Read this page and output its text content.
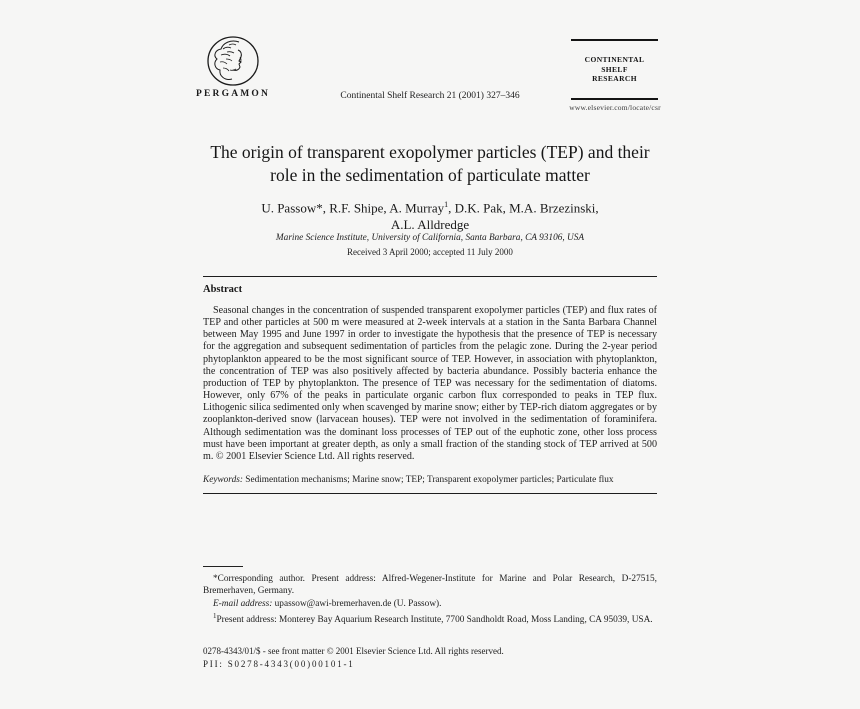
PERGAMON	Continental Shelf Research 21 (2001) 327–346
CONTINENTAL SHELF
RESEARCH
www.elsevier.com/locate/csr
The origin of transparent exopolymer particles (TEP) and their
role in the sedimentation of particulate matter
U. Passow*, R.F. Shipe, A. Murray$^1$, D.K. Pak, M.A. Brzezinski,
A.L. Alldredge
Marine Science Institute, University of California, Santa Barbara, CA 93106, USA
Received 3 April 2000; accepted 11 July 2000
Abstract

Seasonal changes in the concentration of suspended transparent exopolymer particles (TEP) and flux rates of TEP and other particles at 500 m were measured at 2-week intervals at a station in the Santa Barbara Channel between May 1995 and June 1997 in order to investigate the hypothesis that the presence of TEP is necessary for the aggregation and subsequent sedimentation of particles from the pelagic zone. During the 2-year period phytoplankton appeared to be the most significant source of TEP. However, in association with phytoplankton, the concentration of TEP was also positively affected by bacteria abundance. Possibly bacteria enhance the production of TEP by phytoplankton. The presence of TEP was necessary for the sedimentation of diatoms. However, only 67% of the peaks in particulate organic carbon flux corresponded to peaks in TEP flux. Lithogenic silica sedimented only when scavenged by marine snow; either by TEP-rich diatom aggregates or by zooplankton-derived snow (larvacean houses). TEP were not involved in the sedimentation of foraminifera. Although sedimentation was the dominant loss processes of TEP out of the euphotic zone, other loss process must have been important at greater depth, as only a small fraction of the standing stock of TEP arrived at 500 m. © 2001 Elsevier Science Ltd. All rights reserved.

Keywords: Sedimentation mechanisms; Marine snow; TEP; Transparent exopolymer particles; Particulate flux

*Corresponding author. Present address: Alfred-Wegener-Institute for Marine and Polar Research, D-27515, Bremerhaven, Germany.

E-mail address: upassow@awi-bremerhaven.de (U. Passow).

$^1$Present address: Monterey Bay Aquarium Research Institute, 7700 Sandholdt Road, Moss Landing, CA 95039, USA.

0278-4343/01/$ - see front matter © 2001 Elsevier Science Ltd. All rights reserved.
PII: S0278-4343(00)00101-1
